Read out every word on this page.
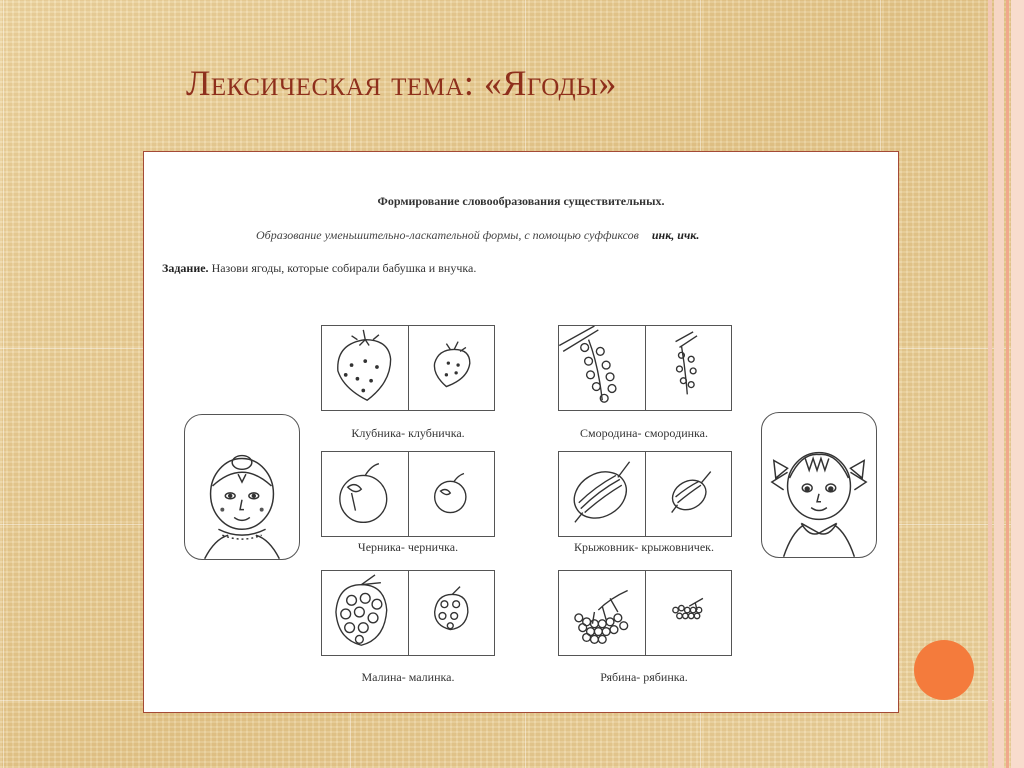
Лексическая тема: «Ягоды»
Формирование словообразования существительных.
Образование уменьшительно-ласкательной формы, с помощью суффиксов инк, ичк.
Задание. Назови ягоды, которые собирали бабушка и внучка.
Клубника- клубничка.	Смородина- смородинка.
Черника- черничка.	Крыжовник- крыжовничек.
Малина- малинка.	Рябина- рябинка.
